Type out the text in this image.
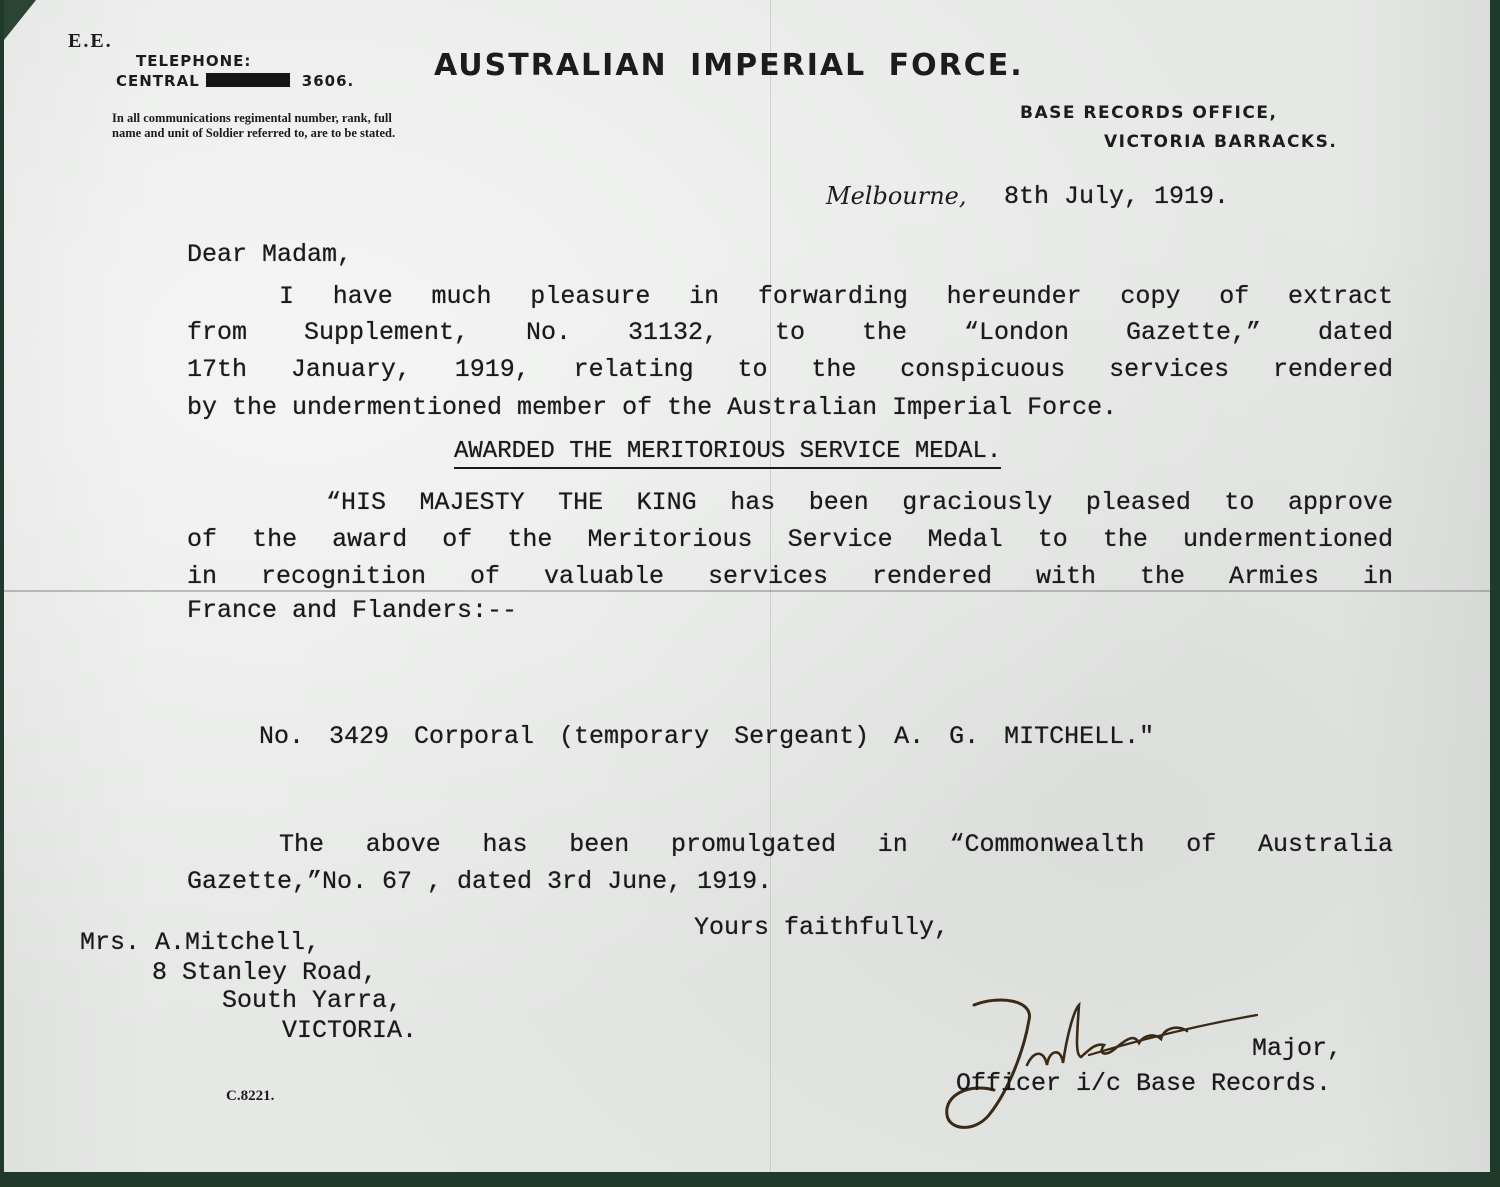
E.E.
TELEPHONE:
CENTRAL	3606.
In all communications regimental number, rank, full name and unit of Soldier referred to, are to be stated.
AUSTRALIAN IMPERIAL FORCE.
BASE RECORDS OFFICE,
VICTORIA BARRACKS.
Melbourne, 8th July, 1919.
Dear Madam,
I have much pleasure in forwarding hereunder copy of extract
from Supplement, No. 31132, to the “London Gazette,” dated
17th January, 1919, relating to the conspicuous services rendered
by the undermentioned member of the Australian Imperial Force.
AWARDED THE MERITORIOUS SERVICE MEDAL.
“HIS MAJESTY THE KING has been graciously pleased to approve
of the award of the Meritorious Service Medal to the undermentioned
in recognition of valuable services rendered with the Armies in
France and Flanders:--
No. 3429 Corporal (temporary Sergeant) A. G. MITCHELL."
The above has been promulgated in “Commonwealth of Australia
Gazette,”No. 67 , dated 3rd June, 1919.
Yours faithfully,
Mrs. A.Mitchell,
8 Stanley Road,
South Yarra,
VICTORIA.
C.8221.
Major,
Officer i/c Base Records.
